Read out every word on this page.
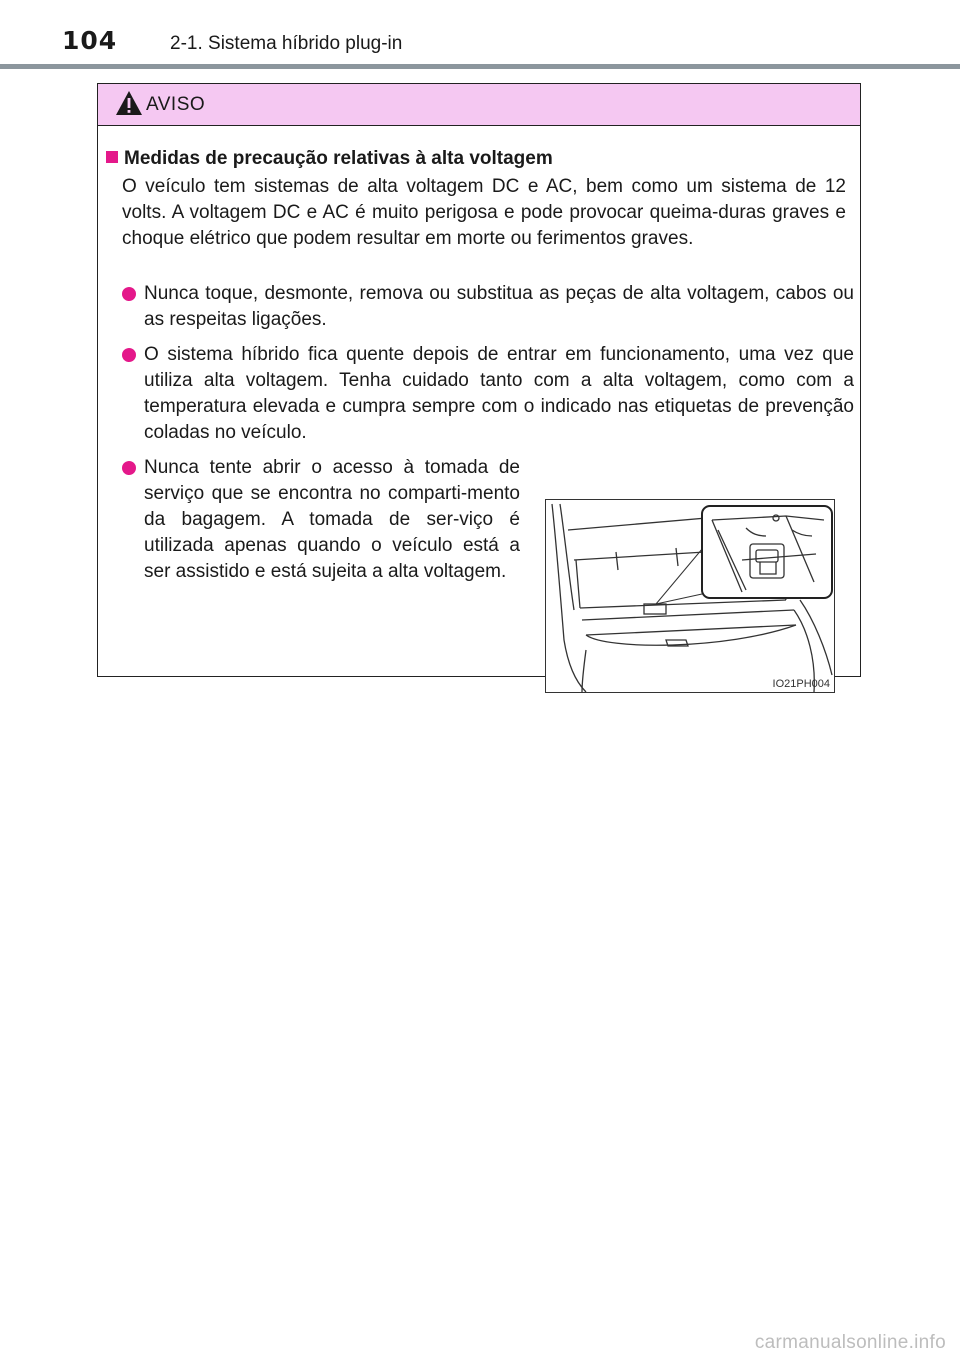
104	2-1. Sistema híbrido plug-in
AVISO
Medidas de precaução relativas à alta voltagem

O veículo tem sistemas de alta voltagem DC e AC, bem como um sistema de 12 volts. A voltagem DC e AC é muito perigosa e pode provocar queima-duras graves e choque elétrico que podem resultar em morte ou ferimentos graves.

Nunca toque, desmonte, remova ou substitua as peças de alta voltagem, cabos ou as respeitas ligações.
O sistema híbrido fica quente depois de entrar em funcionamento, uma vez que utiliza alta voltagem. Tenha cuidado tanto com a alta voltagem, como com a temperatura elevada e cumpra sempre com o indicado nas etiquetas de prevenção coladas no veículo.
Nunca tente abrir o acesso à tomada de serviço que se encontra no comparti-mento da bagagem. A tomada de ser-viço é utilizada apenas quando o veículo está a ser assistido e está sujeita a alta voltagem.
IO21PH004
carmanualsonline.info
